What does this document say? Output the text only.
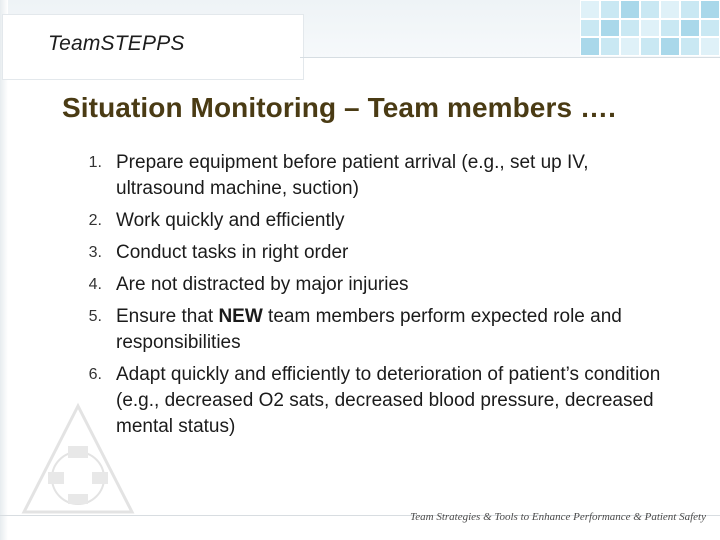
TeamSTEPPS
Situation Monitoring – Team members ….
1. Prepare equipment before patient arrival (e.g., set up IV, ultrasound machine, suction)
2. Work quickly and efficiently
3. Conduct tasks in right order
4. Are not distracted by major injuries
5. Ensure that NEW team members perform expected role and responsibilities
6. Adapt quickly and efficiently to deterioration of patient’s condition (e.g., decreased O2 sats, decreased blood pressure, decreased mental status)
Team Strategies & Tools to Enhance Performance & Patient Safety
